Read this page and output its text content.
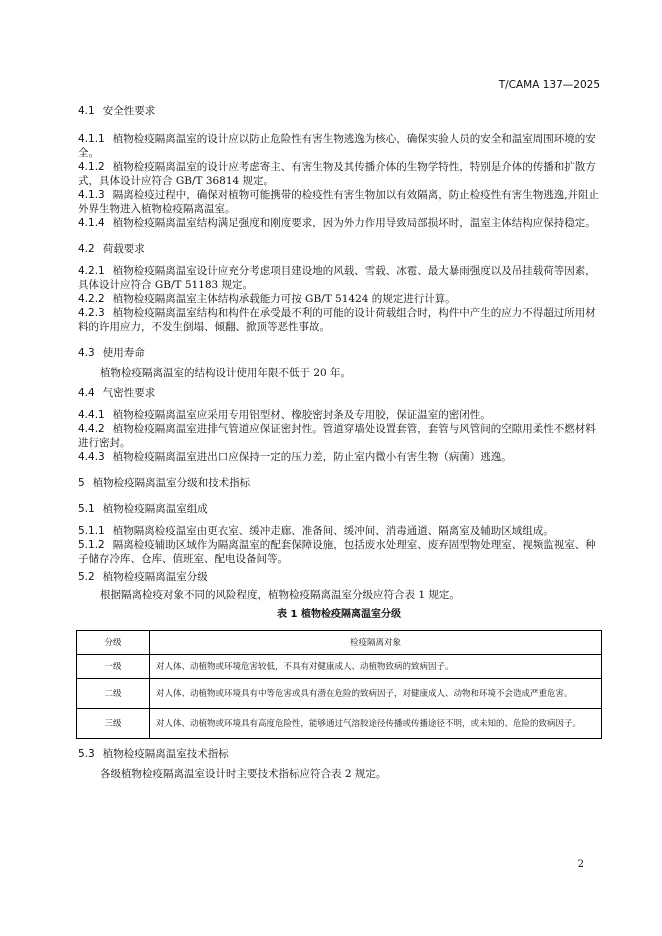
T/CAMA 137—2025
4.1 安全性要求
4.1.1 植物检疫隔离温室的设计应以防止危险性有害生物逃逸为核心，确保实验人员的安全和温室周围环境的安全。
4.1.2 植物检疫隔离温室的设计应考虑寄主、有害生物及其传播介体的生物学特性，特别是介体的传播和扩散方式，具体设计应符合 GB/T 36814 规定。
4.1.3 隔离检疫过程中，确保对植物可能携带的检疫性有害生物加以有效隔离，防止检疫性有害生物逃逸,并阻止外界生物进入植物检疫隔离温室。
4.1.4 植物检疫隔离温室结构满足强度和刚度要求，因为外力作用导致局部损坏时，温室主体结构应保持稳定。
4.2 荷载要求
4.2.1 植物检疫隔离温室设计应充分考虑项目建设地的风载、雪载、冰雹、最大暴雨强度以及吊挂载荷等因素，具体设计应符合 GB/T 51183 规定。
4.2.2 植物检疫隔离温室主体结构承载能力可按 GB/T 51424 的规定进行计算。
4.2.3 植物检疫隔离温室结构和构件在承受最不利的可能的设计荷载组合时，构件中产生的应力不得超过所用材料的许用应力，不发生倒塌、倾翻、掀顶等恶性事故。
4.3 使用寿命
植物检疫隔离温室的结构设计使用年限不低于 20 年。
4.4 气密性要求
4.4.1 植物检疫隔离温室应采用专用铝型材、橡胶密封条及专用胶，保证温室的密闭性。
4.4.2 植物检疫隔离温室进排气管道应保证密封性。管道穿墙处设置套管，套管与风管间的空隙用柔性不燃材料进行密封。
4.4.3 植物检疫隔离温室进出口应保持一定的压力差，防止室内微小有害生物（病菌）逃逸。
5 植物检疫隔离温室分级和技术指标
5.1 植物检疫隔离温室组成
5.1.1 植物隔离检疫温室由更衣室、缓冲走廊、准备间、缓冲间、消毒通道、隔离室及辅助区域组成。
5.1.2 隔离检疫辅助区域作为隔离温室的配套保障设施，包括废水处理室、废弃固型物处理室、视频监视室、种子储存冷库、仓库、值班室、配电设备间等。
5.2 植物检疫隔离温室分级
根据隔离检疫对象不同的风险程度，植物检疫隔离温室分级应符合表 1 规定。
表 1 植物检疫隔离温室分级
分级	检疫隔离对象
一级	对人体、动植物或环境危害较低，不具有对健康成人、动植物致病的致病因子。
二级	对人体、动植物或环境具有中等危害或具有潜在危险的致病因子，对健康成人、动物和环境不会造成严重危害。
三级	对人体、动植物或环境具有高度危险性，能够通过气溶胶途径传播或传播途径不明，或未知的、危险的致病因子。
5.3 植物检疫隔离温室技术指标
各级植物检疫隔离温室设计时主要技术指标应符合表 2 规定。
2
